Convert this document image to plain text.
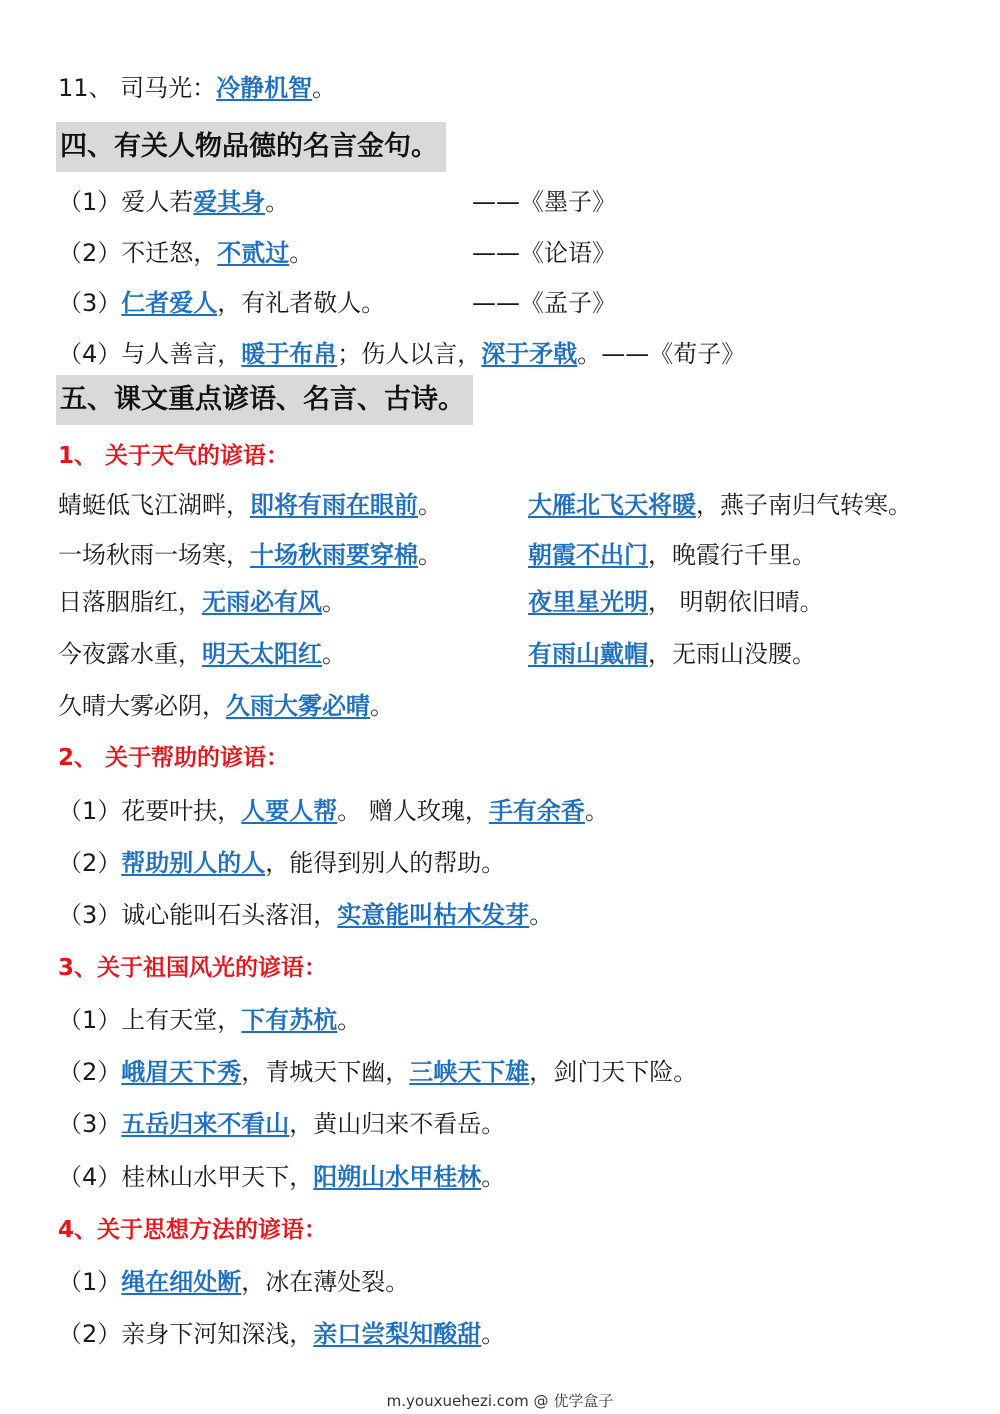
11、 司马光：冷静机智。
四、有关人物品德的名言金句。
（1）爱人若爱其身。	——《墨子》
（2）不迁怒，不贰过。	——《论语》
（3）仁者爱人，有礼者敬人。	——《孟子》
（4）与人善言，暖于布帛；伤人以言，深于矛戟。——《荀子》
五、课文重点谚语、名言、古诗。
1、 关于天气的谚语：
蜻蜓低飞江湖畔，即将有雨在眼前。	大雁北飞天将暖，燕子南归气转寒。
一场秋雨一场寒，十场秋雨要穿棉。	朝霞不出门，晚霞行千里。
日落胭脂红，无雨必有风。	夜里星光明， 明朝依旧晴。
今夜露水重，明天太阳红。	有雨山戴帽，无雨山没腰。
久晴大雾必阴，久雨大雾必晴。
2、 关于帮助的谚语：
（1）花要叶扶，人要人帮。 赠人玫瑰，手有余香。
（2）帮助别人的人，能得到别人的帮助。
（3）诚心能叫石头落泪，实意能叫枯木发芽。
3、关于祖国风光的谚语：
（1）上有天堂，下有苏杭。
（2）峨眉天下秀，青城天下幽，三峡天下雄，剑门天下险。
（3）五岳归来不看山，黄山归来不看岳。
（4）桂林山水甲天下，阳朔山水甲桂林。
4、关于思想方法的谚语：
（1）绳在细处断，冰在薄处裂。
（2）亲身下河知深浅，亲口尝梨知酸甜。
m.youxuehezi.com @ 优学盒子
